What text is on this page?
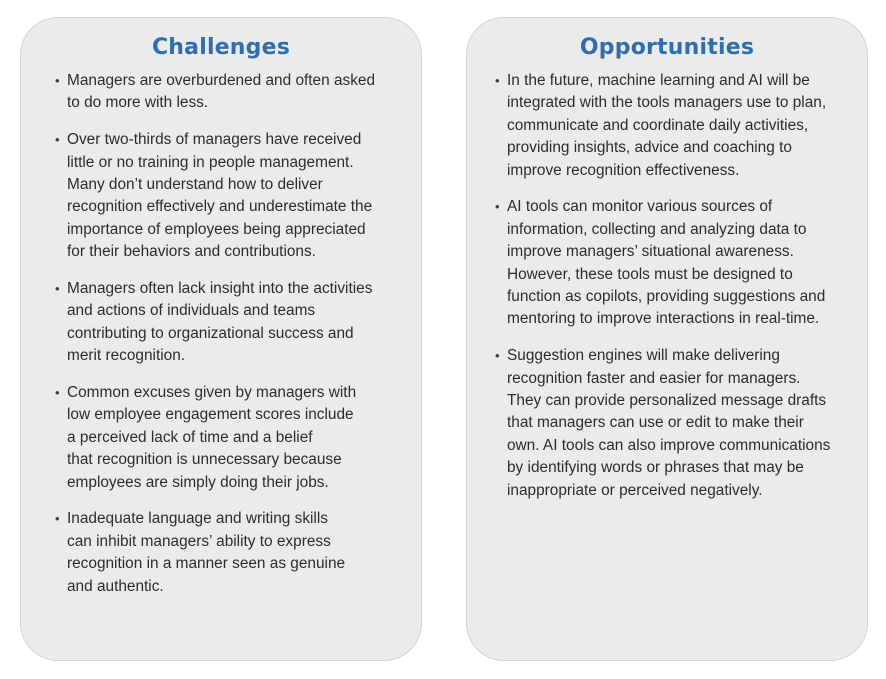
Challenges
• Managers are overburdened and often asked
to do more with less.
• Over two-thirds of managers have received
little or no training in people management.
Many don’t understand how to deliver
recognition effectively and underestimate the
importance of employees being appreciated
for their behaviors and contributions.
• Managers often lack insight into the activities
and actions of individuals and teams
contributing to organizational success and
merit recognition.
• Common excuses given by managers with
low employee engagement scores include
a perceived lack of time and a belief
that recognition is unnecessary because
employees are simply doing their jobs.
• Inadequate language and writing skills
can inhibit managers’ ability to express
recognition in a manner seen as genuine
and authentic.
Opportunities
• In the future, machine learning and AI will be
integrated with the tools managers use to plan,
communicate and coordinate daily activities,
providing insights, advice and coaching to
improve recognition effectiveness.
• AI tools can monitor various sources of
information, collecting and analyzing data to
improve managers’ situational awareness.
However, these tools must be designed to
function as copilots, providing suggestions and
mentoring to improve interactions in real-time.
• Suggestion engines will make delivering
recognition faster and easier for managers.
They can provide personalized message drafts
that managers can use or edit to make their
own. AI tools can also improve communications
by identifying words or phrases that may be
inappropriate or perceived negatively.
